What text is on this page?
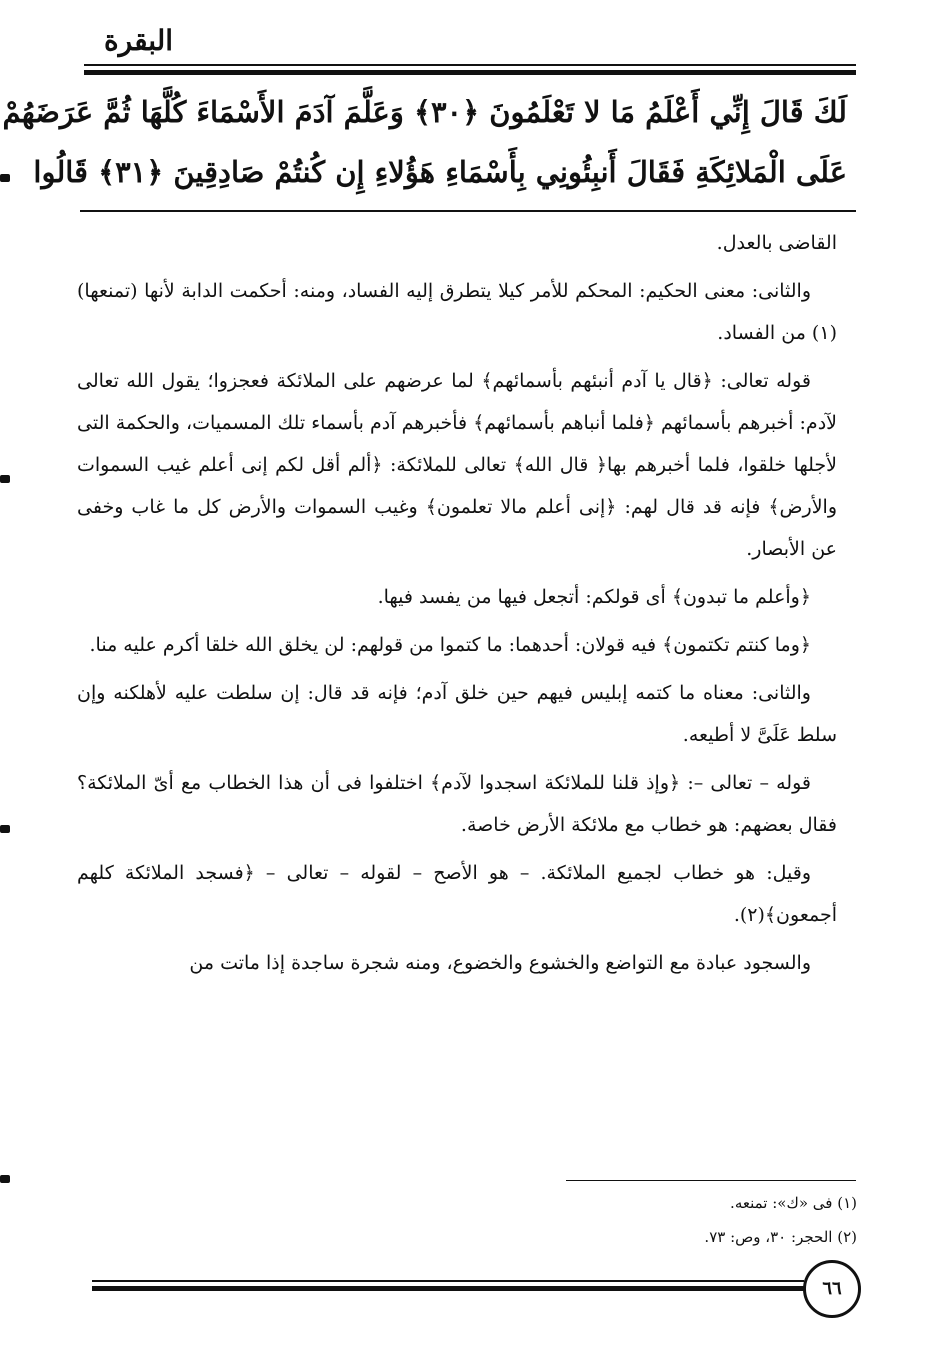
البقرة
لَكَ قَالَ إِنِّي أَعْلَمُ مَا لا تَعْلَمُونَ ﴿٣٠﴾ وَعَلَّمَ آدَمَ الأَسْمَاءَ كُلَّهَا ثُمَّ عَرَضَهُمْ
عَلَى الْمَلائِكَةِ فَقَالَ أَنبِئُونِي بِأَسْمَاءِ هَؤُلاءِ إِن كُنتُمْ صَادِقِينَ ﴿٣١﴾ قَالُوا

القاضى بالعدل.

والثانى: معنى الحكيم: المحكم للأمر كيلا يتطرق إليه الفساد، ومنه: أحكمت الدابة لأنها (تمنعها)(١) من الفساد.

قوله تعالى: ﴿قال يا آدم أنبئهم بأسمائهم﴾ لما عرضهم على الملائكة فعجزوا؛ يقول الله تعالى لآدم: أخبرهم بأسمائهم ﴿فلما أنباهم بأسمائهم﴾ فأخبرهم آدم بأسماء تلك المسميات، والحكمة التى لأجلها خلقوا، فلما أخبرهم بها﴿ قال الله﴾ تعالى للملائكة: ﴿ألم أقل لكم إنى أعلم غيب السموات والأرض﴾ فإنه قد قال لهم: ﴿إنى أعلم مالا تعلمون﴾ وغيب السموات والأرض كل ما غاب وخفى عن الأبصار.

﴿وأعلم ما تبدون﴾ أى قولكم: أتجعل فيها من يفسد فيها.

﴿وما كنتم تكتمون﴾ فيه قولان: أحدهما: ما كتموا من قولهم: لن يخلق الله خلقا أكرم عليه منا.

والثانى: معناه ما كتمه إبليس فيهم حين خلق آدم؛ فإنه قد قال: إن سلطت عليه لأهلكنه وإن سلط عَلَىَّ لا أطيعه.

قوله – تعالى –: ﴿وإذ قلنا للملائكة اسجدوا لآدم﴾ اختلفوا فى أن هذا الخطاب مع أىّ الملائكة؟ فقال بعضهم: هو خطاب مع ملائكة الأرض خاصة.

وقيل: هو خطاب لجميع الملائكة. – هو الأصح – لقوله – تعالى – ﴿فسجد الملائكة كلهم أجمعون﴾(٢).

والسجود عبادة مع التواضع والخشوع والخضوع، ومنه شجرة ساجدة إذا ماتت من

(١) فى «ك»: تمنعه.

(٢) الحجر: ٣٠، وص: ٧٣.

٦٦
